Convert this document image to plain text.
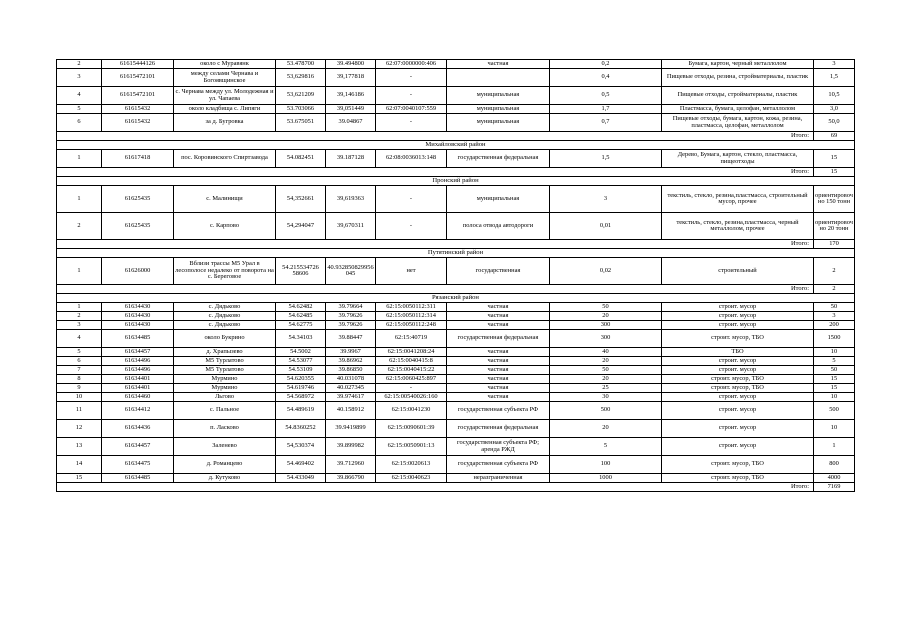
2	61615444126	около с Муравянк	53.478700	39.494800	62:07:0000000:406	частная	0,2	Бумага, картон, черный металлолом	3
3	61615472101	между селами Чернава и Богоявщинское	53,629816	39,177818	-		0,4	Пищевые отходы, резина, стройматериалы, пластик	1,5
4	61615472101	с. Чернава между ул. Молодежная и ул. Чапаева	53,621209	39,146186	-	муниципальная	0,5	Пищевые отходы, стройматериалы, пластик	10,5
5	61615432	около кладбища с. Липяги	53.703066	39,051449	62:07:0040107:559	муниципальная	1,7	Пластмасса, бумага, целофан, металлолом	3,0
6	61615432	за д. Бугровка	53.675051	39.04867	-	муниципальная	0,7	Пищевые отходы, бумага, картон, кожа, резина, пластмасса, целофан, металлолом	50,0
Итого:									69
Михайловский район									
1	61617418	пос. Коровинского Спиртзавода	54.082451	39.187128	62:08:0036013:148	государственная федеральная	1,5	Дерево, Бумага, картон, стекло, пластмасса, пищеотходы	15
Итого:									15
Пронский район									
1	61625435	с. Малинищи	54,352661	39,619363	-	муниципальная	3	текстиль, стекло, резина,пластмасса, строительный мусор, прочее	ориентировочно 150 тонн
2	61625435	с. Карпово	54,294047	39,670311	-	полоса отвода автодороги	0,01	текстиль, стекло, резина,пластмасса, черный металлолом, прочее	ориентировочно 20 тонн
Итого:									170
Путятинский район									
1	61626000	Вблизи трассы М5 Урал в лесополосе недалеко от поворота на с. Береговое	54.215534726 58606	40.932850829956045	нет	государственная	0,02	строительный	2
Итого:									2
Рязанский район									
1	61634430	с. Дядьково	54.62482	39.79664	62:15:0050112:311	частная	50	строит. мусор	50
2	61634430	с. Дядьково	54.62485	39.79626	62:15:0050112:314	частная	20	строит. мусор	3
3	61634430	с. Дядьково	54.62775	39.79626	62:15:0050112:248	частная	300	строит. мусор	200
4	61634485	около Букрино	54.34103	39.88447	62:15:40719	государственная федеральная	300	строит. мусор, ТБО	1500
5	61634457	д. Храпызево	54.5002	39.9967	62:15:0041208:24	частная	40	ТБО	10
6	61634496	М5 Турлатово	54.53077	39.86962	62:15:0040415:8	частная	20	строит. мусор	5
7	61634496	М5 Турлатово	54.53109	39.86850	62:15:0040415:22	частная	50	строит. мусор	50
8	61634401	Мурмино	54.620355	40.031078	62:15:0060425:897	частная	20	строит. мусор, ТБО	15
9	61634401	Мурмино	54.619746	40.027345	-	частная	25	строит. мусор, ТБО	15
10	61634460	Льгово	54.568972	39.974617	62:15:00540026:160	частная	30	строит. мусор	10
11	61634412	с. Пальное	54.489619	40.158912	62:15:0041230	государственная субъекта РФ	500	строит. мусор	500
12	61634436	п. Ласково	54.8360252	39.9419899	62:15:0090601:39	государственная федеральная	20	строит. мусор	10
13	61634457	Заленево	54,530374	39.899982	62:15:0050901:13	государственная субъекта РФ; аренда РЖД	5	строит. мусор	1
14	61634475	д. Романцево	54.469402	39.712960	62:15:0020613	государственная субъекта РФ	100	строит. мусор, ТБО	800
15	61634485	д. Кутуково	54.433049	39.866790	62:15:0040623	неразграниченная	1000	строит. мусор, ТБО	4000
Итого:									7169
